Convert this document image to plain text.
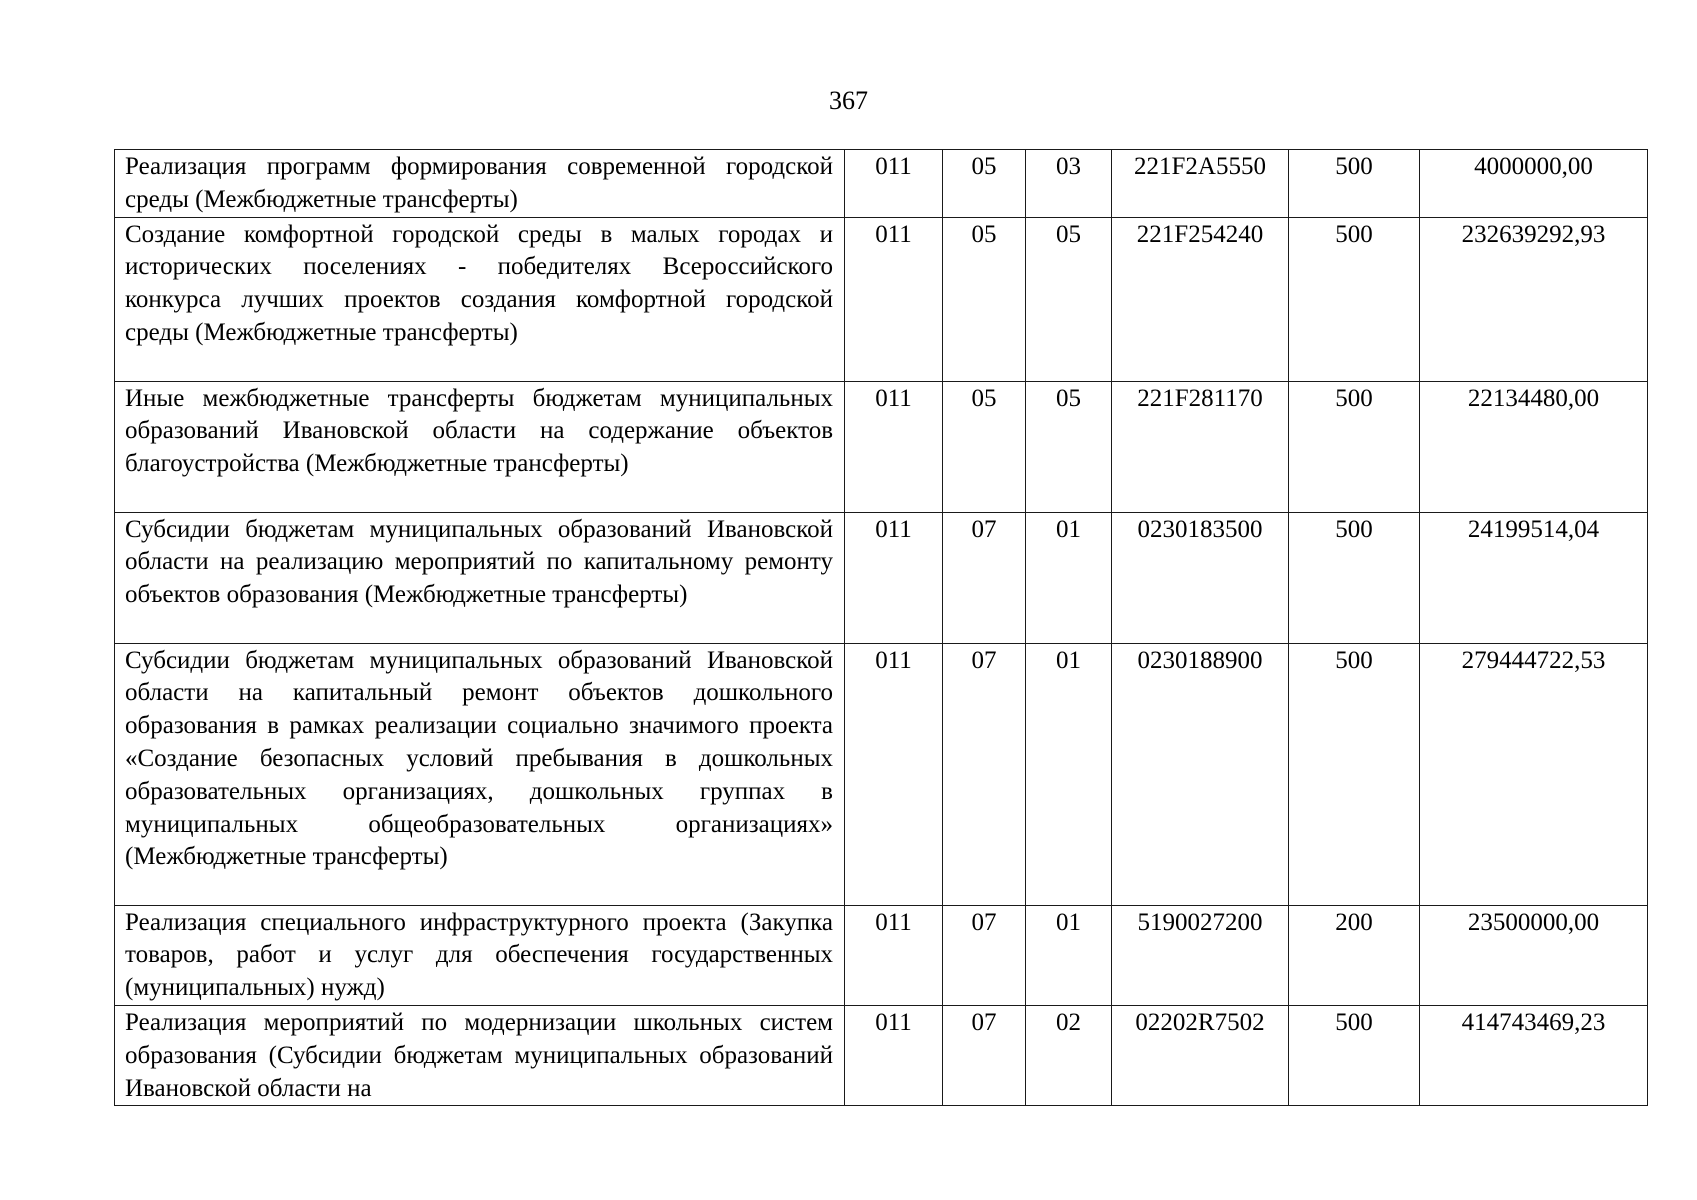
367
Реализация программ формирования современной городской среды (Межбюджетные трансферты)	011	05	03	221F2A5550	500	4000000,00
Создание комфортной городской среды в малых городах и исторических поселениях - победителях Всероссийского конкурса лучших проектов создания комфортной городской среды (Межбюджетные трансферты)	011	05	05	221F254240	500	232639292,93
Иные межбюджетные трансферты бюджетам муниципальных образований Ивановской области на содержание объектов благоустройства (Межбюджетные трансферты)	011	05	05	221F281170	500	22134480,00
Субсидии бюджетам муниципальных образований Ивановской области на реализацию мероприятий по капитальному ремонту объектов образования (Межбюджетные трансферты)	011	07	01	0230183500	500	24199514,04
Субсидии бюджетам муниципальных образований Ивановской области на капитальный ремонт объектов дошкольного образования в рамках реализации социально значимого проекта «Создание безопасных условий пребывания в дошкольных образовательных организациях, дошкольных группах в муниципальных общеобразовательных организациях» (Межбюджетные трансферты)	011	07	01	0230188900	500	279444722,53
Реализация специального инфраструктурного проекта (Закупка товаров, работ и услуг для обеспечения государственных (муниципальных) нужд)	011	07	01	5190027200	200	23500000,00
Реализация мероприятий по модернизации школьных систем образования (Субсидии бюджетам муниципальных образований Ивановской области на	011	07	02	02202R7502	500	414743469,23
